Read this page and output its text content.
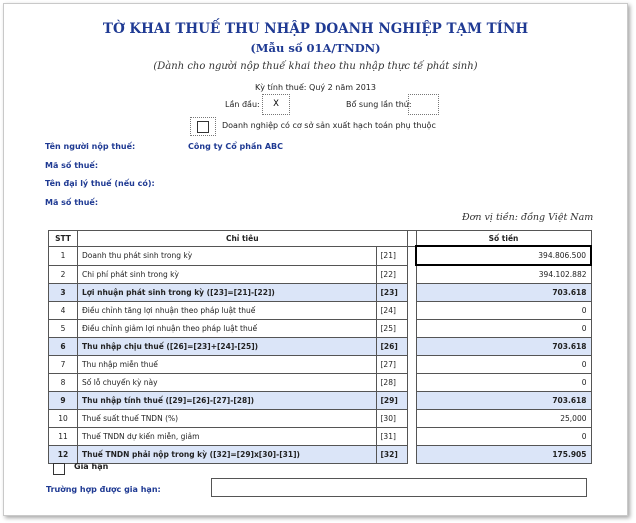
TỜ KHAI THUẾ THU NHẬP DOANH NGHIỆP TẠM TÍNH
(Mẫu số 01A/TNDN)
(Dành cho người nộp thuế khai theo thu nhập thực tế phát sinh)
Kỳ tính thuế: Quý 2 năm 2013
Lần đầu:	X	Bổ sung lần thứ:
Doanh nghiệp có cơ sở sản xuất hạch toán phụ thuộc
Tên người nộp thuế:	Công ty Cổ phần ABC
Mã số thuế:
Tên đại lý thuế (nếu có):
Mã số thuế:
Đơn vị tiền: đồng Việt Nam
STT	Chỉ tiêu			Số tiền
1	Doanh thu phát sinh trong kỳ	[21]		394.806.500
2	Chi phí phát sinh trong kỳ	[22]		394.102.882
3	Lợi nhuận phát sinh trong kỳ ([23]=[21]-[22])	[23]		703.618
4	Điều chỉnh tăng lợi nhuận theo pháp luật thuế	[24]		0
5	Điều chỉnh giảm lợi nhuận theo pháp luật thuế	[25]		0
6	Thu nhập chịu thuế ([26]=[23]+[24]-[25])	[26]		703.618
7	Thu nhập miễn thuế	[27]		0
8	Số lỗ chuyển kỳ này	[28]		0
9	Thu nhập tính thuế ([29]=[26]-[27]-[28])	[29]		703.618
10	Thuế suất thuế TNDN (%)	[30]		25,000
11	Thuế TNDN dự kiến miễn, giảm	[31]		0
12	Thuế TNDN phải nộp trong kỳ ([32]=[29]x[30]-[31])	[32]		175.905
Gia hạn
Trường hợp được gia hạn:
